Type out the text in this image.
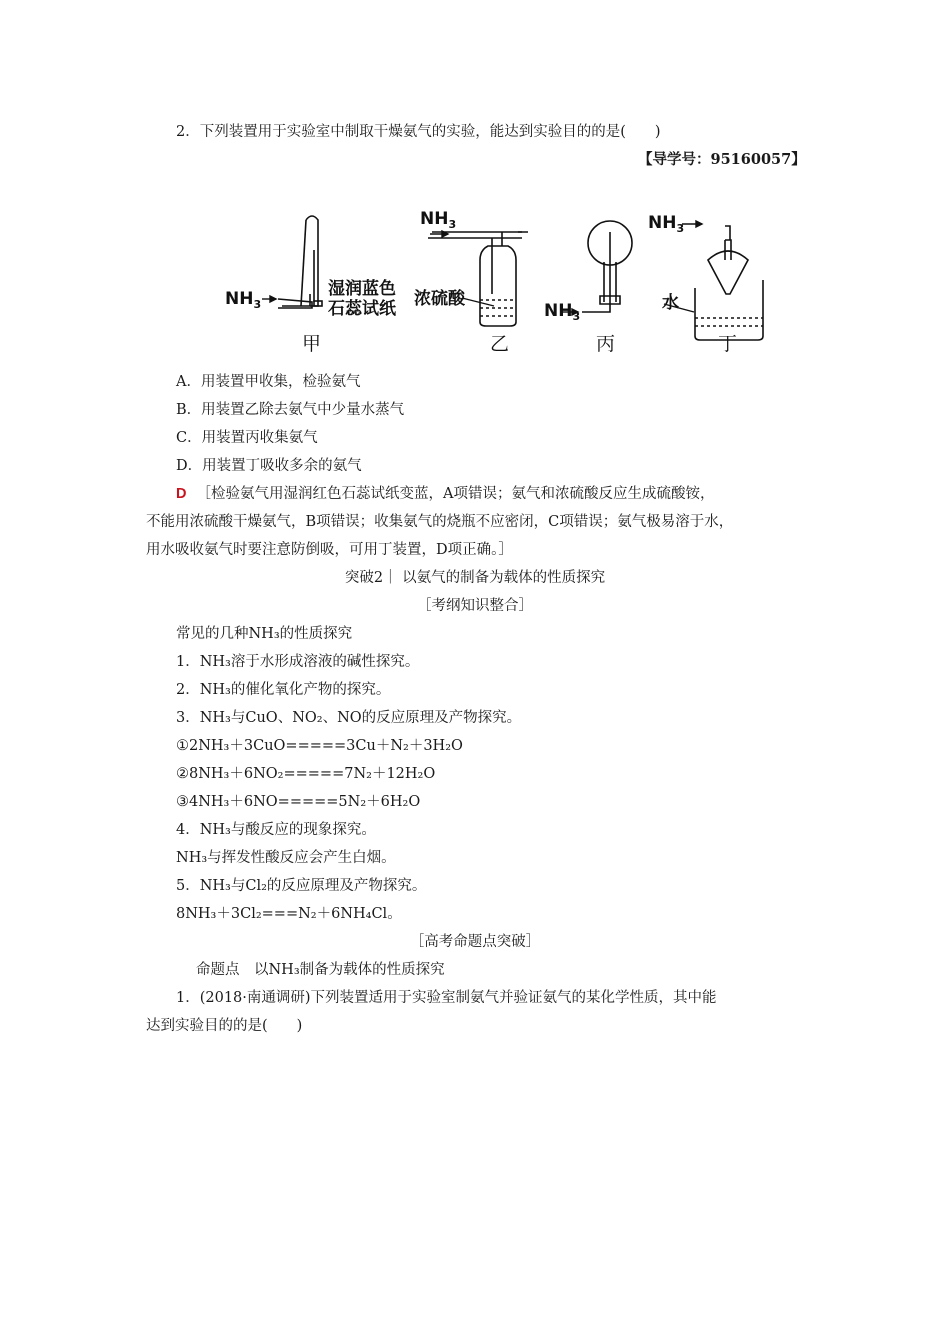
2．下列装置用于实验室中制取干燥氨气的实验，能达到实验目的的是(　　)
【导学号：95160057】
$NH_3$
湿润蓝色
石蕊试纸
$NH_3$
浓硫酸
$NH_3$
$NH_3$
水
甲	乙	丙	丁
A．用装置甲收集，检验氨气
B．用装置乙除去氨气中少量水蒸气
C．用装置丙收集氨气
D．用装置丁吸收多余的氨气
D ［检验氨气用湿润红色石蕊试纸变蓝，A项错误；氨气和浓硫酸反应生成硫酸铵，
不能用浓硫酸干燥氨气，B项错误；收集氨气的烧瓶不应密闭，C项错误；氨气极易溶于水，
用水吸收氨气时要注意防倒吸，可用丁装置，D项正确。］
突破2｜ 以氨气的制备为载体的性质探究
［考纲知识整合］
常见的几种NH₃的性质探究
1．NH₃溶于水形成溶液的碱性探究。
2．NH₃的催化氧化产物的探究。
3．NH₃与CuO、NO₂、NO的反应原理及产物探究。
①2NH₃＋3CuO=====3Cu＋N₂＋3H₂O
②8NH₃＋6NO₂=====7N₂＋12H₂O
③4NH₃＋6NO=====5N₂＋6H₂O
4．NH₃与酸反应的现象探究。
NH₃与挥发性酸反应会产生白烟。
5．NH₃与Cl₂的反应原理及产物探究。
8NH₃＋3Cl₂===N₂＋6NH₄Cl。
［高考命题点突破］
命题点　以NH₃制备为载体的性质探究
1．(2018·南通调研)下列装置适用于实验室制氨气并验证氨气的某化学性质，其中能
达到实验目的的是(　　)
